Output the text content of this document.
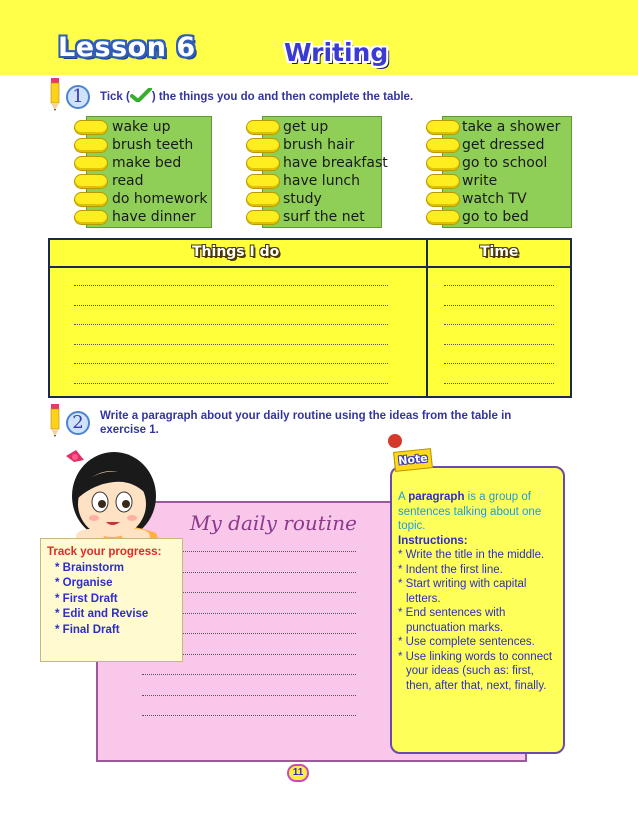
Lesson 6	Writing
1	Tick ( ) the things you do and then complete the table.
wake up
brush teeth
make bed
read
do homework
have dinner
get up
brush hair
have breakfast
have lunch
study
surf the net
take a shower
get dressed
go to school
write
watch TV
go to bed
Things I do	Time
2	Write a paragraph about your daily routine using the ideas from the table in exercise 1.
My daily routine
Track your progress:
* Brainstorm
* Organise
* First Draft
* Edit and Revise
* Final Draft
A paragraph is a group of sentences talking about one topic.
Instructions:
* Write the title in the middle.
* Indent the first line.
* Start writing with capital letters.
* End sentences with punctuation marks.
* Use complete sentences.
* Use linking words to connect your ideas (such as: first, then, after that, next, finally.
Note
11
